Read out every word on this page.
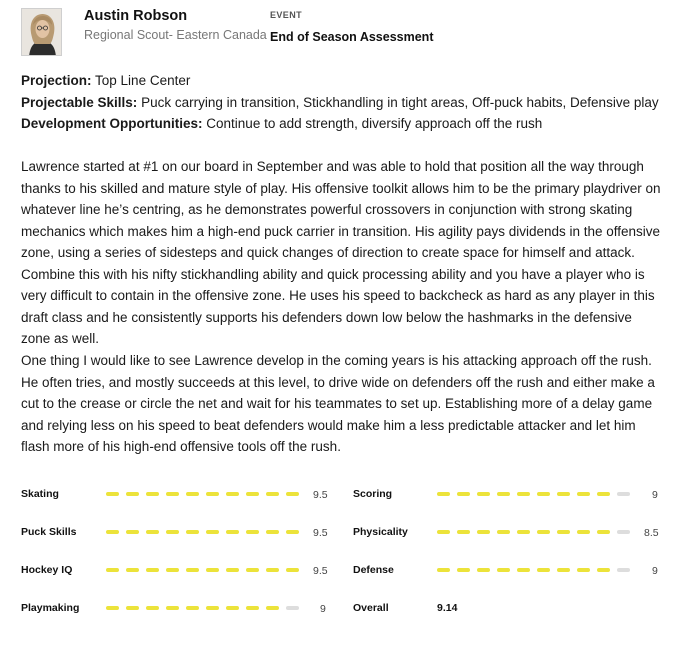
Austin Robson
Regional Scout- Eastern Canada
EVENT
End of Season Assessment
Projection: Top Line Center
Projectable Skills: Puck carrying in transition, Stickhandling in tight areas, Off-puck habits, Defensive play
Development Opportunities: Continue to add strength, diversify approach off the rush
Lawrence started at #1 on our board in September and was able to hold that position all the way through thanks to his skilled and mature style of play. His offensive toolkit allows him to be the primary playdriver on whatever line he’s centring, as he demonstrates powerful crossovers in conjunction with strong skating mechanics which makes him a high-end puck carrier in transition. His agility pays dividends in the offensive zone, using a series of sidesteps and quick changes of direction to create space for himself and attack. Combine this with his nifty stickhandling ability and quick processing ability and you have a player who is very difficult to contain in the offensive zone. He uses his speed to backcheck as hard as any player in this draft class and he consistently supports his defenders down low below the hashmarks in the defensive zone as well.
One thing I would like to see Lawrence develop in the coming years is his attacking approach off the rush. He often tries, and mostly succeeds at this level, to drive wide on defenders off the rush and either make a cut to the crease or circle the net and wait for his teammates to set up. Establishing more of a delay game and relying less on his speed to beat defenders would make him a less predictable attacker and let him flash more of his high-end offensive tools off the rush.
Skating	9.5
Puck Skills	9.5
Hockey IQ	9.5
Playmaking	9
Scoring	9
Physicality	8.5
Defense	9
Overall	9.14
